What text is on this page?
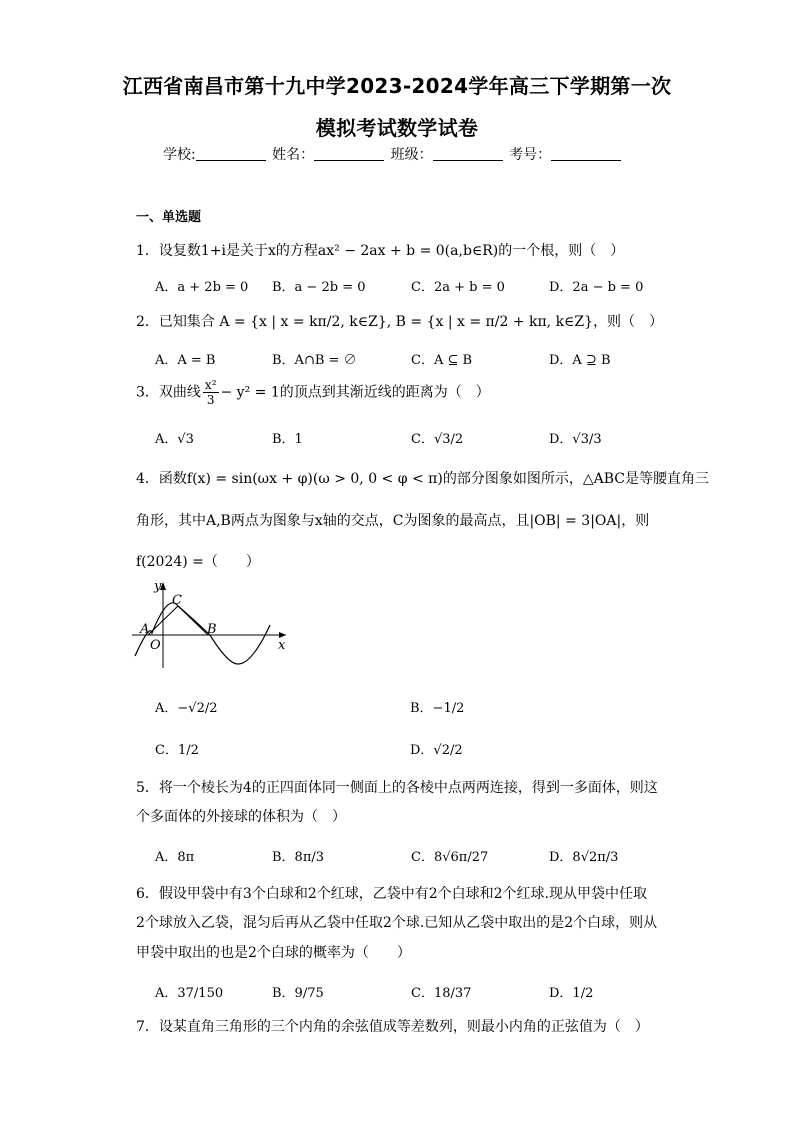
江西省南昌市第十九中学2023-2024学年高三下学期第一次
模拟考试数学试卷
学校:	姓名：	班级：	考号：
一、单选题
1．设复数1+i是关于x的方程ax² − 2ax + b = 0(a,b∈R)的一个根，则（　）
A．a + 2b = 0 B．a − 2b = 0	C．2a + b = 0	D．2a − b = 0
2．已知集合 A = {x | x = kπ/2, k∈Z}, B = {x | x = π/2 + kπ, k∈Z}，则（　）
A．A = B	B．A∩B = ∅	C．A ⊆ B	D．A ⊇ B
3．双曲线 $\frac{\text{x²}}{3} - y^2 = 1$的顶点到其渐近线的距离为（　）
A．√3	B．1	C．√3/2	D．√3/3
4．函数f(x) = sin(ωx + φ)(ω > 0, 0 < φ < π)的部分图象如图所示，△ABC是等腰直角三
角形，其中A,B两点为图象与x轴的交点，C为图象的最高点，且|OB| = 3|OA|，则
f(2024) =（　　）
y
x
C
A	B
O
A．−√2/2	B．−1/2
C．1/2	D．√2/2
5．将一个棱长为4的正四面体同一侧面上的各棱中点两两连接，得到一多面体，则这
个多面体的外接球的体积为（　）
A．8π	B．8π/3	C．8√6π/27	D．8√2π/3
6．假设甲袋中有3个白球和2个红球，乙袋中有2个白球和2个红球.现从甲袋中任取
2个球放入乙袋，混匀后再从乙袋中任取2个球.已知从乙袋中取出的是2个白球，则从
甲袋中取出的也是2个白球的概率为（　　）
A．37/150	B．9/75	C．18/37	D．1/2
7．设某直角三角形的三个内角的余弦值成等差数列，则最小内角的正弦值为（　）
